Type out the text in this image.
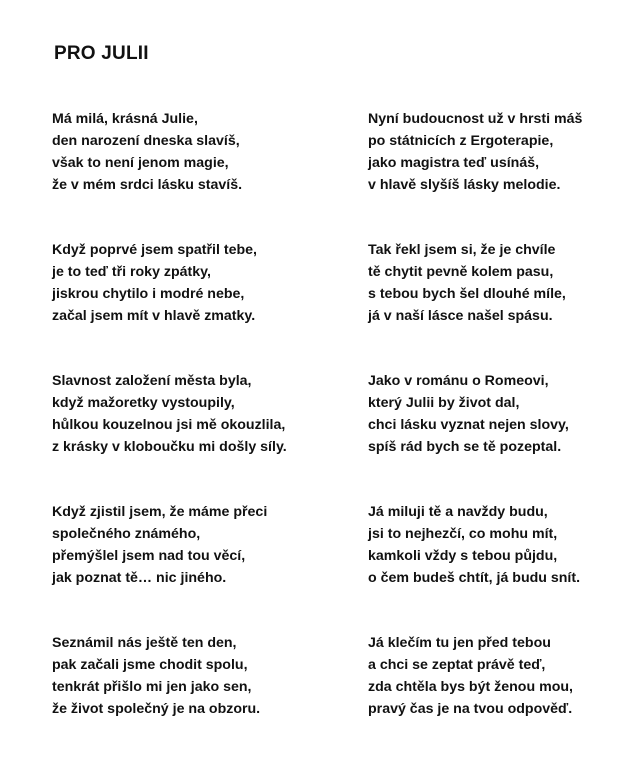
PRO JULII
Má milá, krásná Julie,
den narození dneska slavíš,
však to není jenom magie,
že v mém srdci lásku stavíš.
Když poprvé jsem spatřil tebe,
je to teď tři roky zpátky,
jiskrou chytilo i modré nebe,
začal jsem mít v hlavě zmatky.
Slavnost založení města byla,
když mažoretky vystoupily,
hůlkou kouzelnou jsi mě okouzlila,
z krásky v kloboučku mi došly síly.
Když zjistil jsem, že máme přeci
společného známého,
přemýšlel jsem nad tou věcí,
jak poznat tě… nic jiného.
Seznámil nás ještě ten den,
pak začali jsme chodit spolu,
tenkrát přišlo mi jen jako sen,
že život společný je na obzoru.
Nyní budoucnost už v hrsti máš
po státnicích z Ergoterapie,
jako magistra teď usínáš,
v hlavě slyšíš lásky melodie.
Tak řekl jsem si, že je chvíle
tě chytit pevně kolem pasu,
s tebou bych šel dlouhé míle,
já v naší lásce našel spásu.
Jako v románu o Romeovi,
který Julii by život dal,
chci lásku vyznat nejen slovy,
spíš rád bych se tě pozeptal.
Já miluji tě a navždy budu,
jsi to nejhezčí, co mohu mít,
kamkoli vždy s tebou půjdu,
o čem budeš chtít, já budu snít.
Já klečím tu jen před tebou
a chci se zeptat právě teď,
zda chtěla bys být ženou mou,
pravý čas je na tvou odpověď.
